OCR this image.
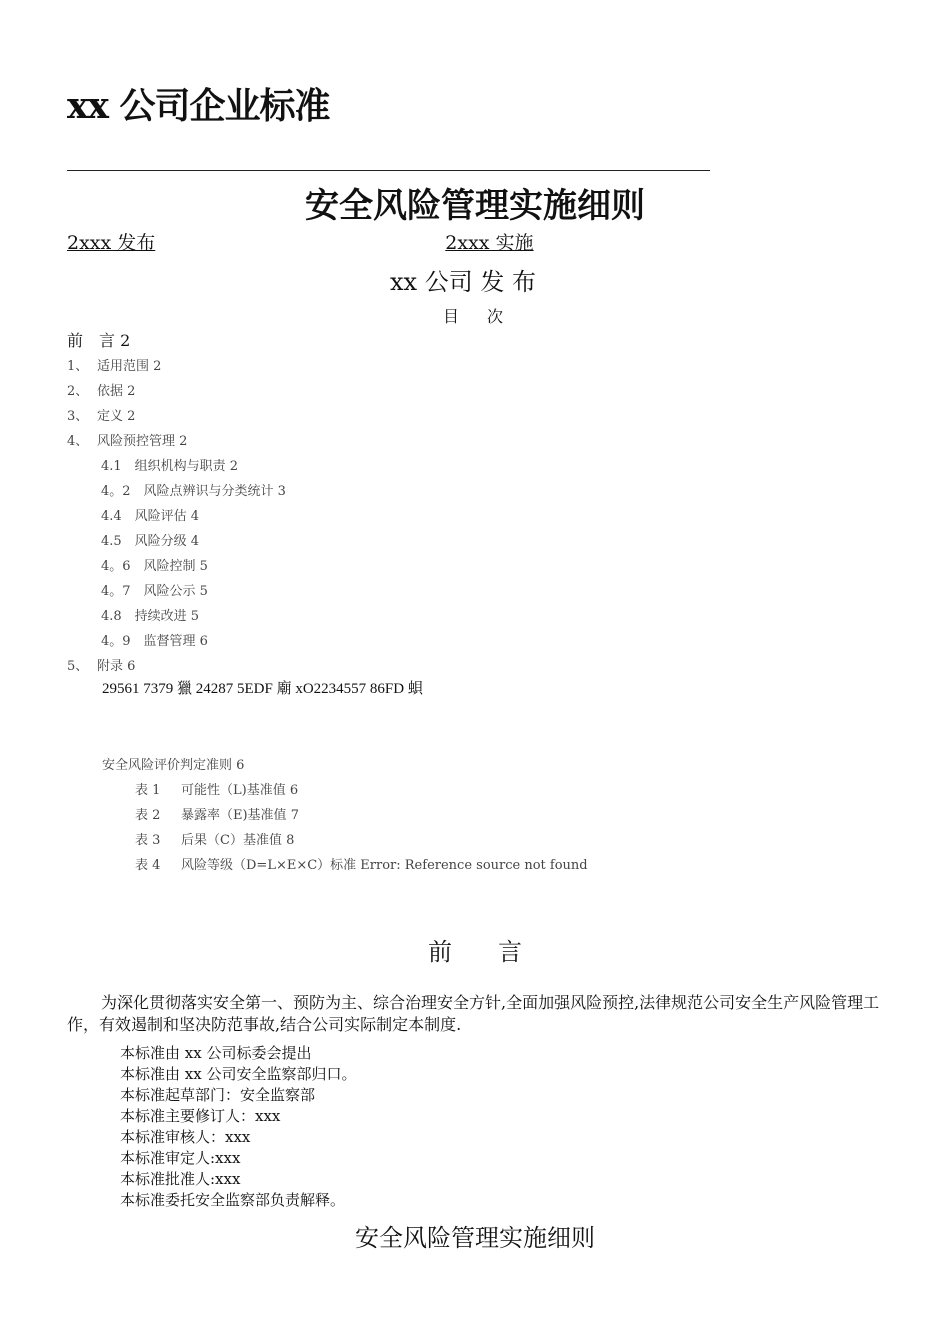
xx 公司企业标准
安全风险管理实施细则
2xxx 发布	2xxx 实施
xx 公司 发 布
目次
前　言 2
1、 适用范围 2
2、 依据 2
3、 定义 2
4、 风险预控管理 2
4.1　组织机构与职责 2
4。2　风险点辨识与分类统计 3
4.4　风险评估 4
4.5　风险分级 4
4。6　风险控制 5
4。7　风险公示 5
4.8　持续改进 5
4。9　监督管理 6
5、 附录 6
29561 7379 獵 24287 5EDF 廟 xO2234557 86FD 蛽
安全风险评价判定准则 6
表 1 可能性（L)基准值 6
表 2 暴露率（E)基准值 7
表 3 后果（C）基准值 8
表 4 风险等级（D=L×E×C）标准 Error: Reference source not found
前言
为深化贯彻落实安全第一、预防为主、综合治理安全方针,全面加强风险预控,法律规范公司安全生产风险管理工作，有效遏制和坚决防范事故,结合公司实际制定本制度.
本标准由 xx 公司标委会提出
本标准由 xx 公司安全监察部归口。
本标准起草部门：安全监察部
本标准主要修订人：xxx
本标准审核人：xxx
本标准审定人:xxx
本标准批准人:xxx
本标准委托安全监察部负责解释。
安全风险管理实施细则
